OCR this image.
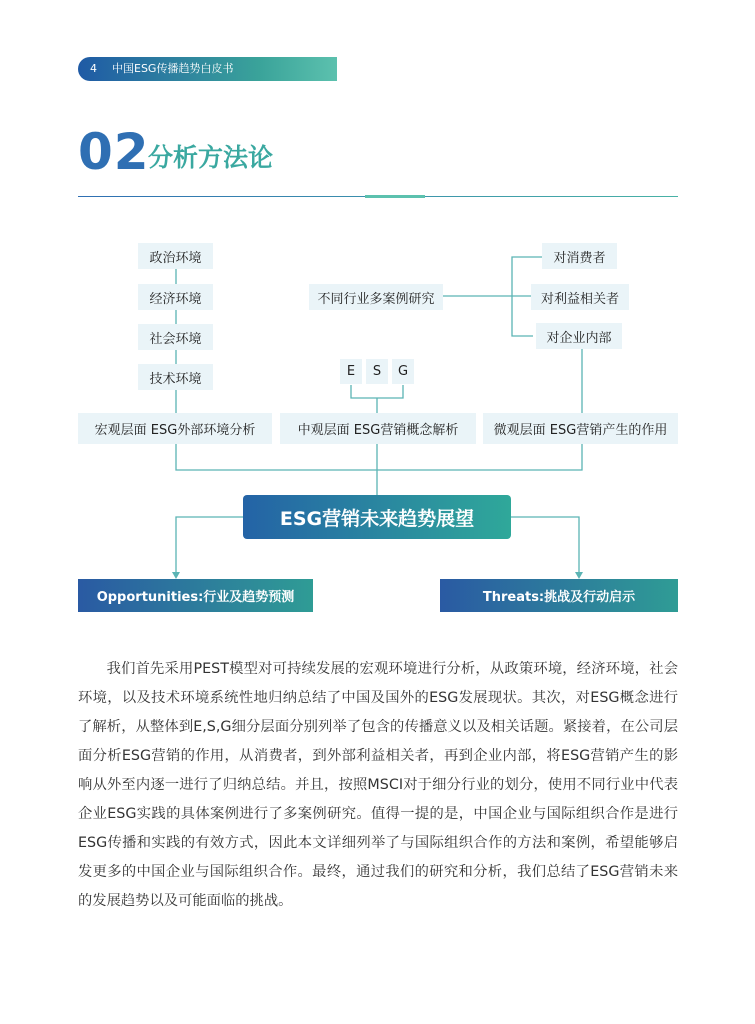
4 中国ESG传播趋势白皮书
02
分析方法论
政治环境
经济环境
社会环境
技术环境
不同行业多案例研究
对消费者
对利益相关者
对企业内部
E	S	G
宏观层面 ESG外部环境分析	中观层面 ESG营销概念解析	微观层面 ESG营销产生的作用
ESG营销未来趋势展望
Opportunities:行业及趋势预测	Threats:挑战及行动启示

我们首先采用PEST模型对可持续发展的宏观环境进行分析，从政策环境，经济环境，社会环境，以及技术环境系统性地归纳总结了中国及国外的ESG发展现状。其次，对ESG概念进行了解析，从整体到E,S,G细分层面分别列举了包含的传播意义以及相关话题。紧接着，在公司层面分析ESG营销的作用，从消费者，到外部利益相关者，再到企业内部，将ESG营销产生的影响从外至内逐一进行了归纳总结。并且，按照MSCI对于细分行业的划分，使用不同行业中代表企业ESG实践的具体案例进行了多案例研究。值得一提的是，中国企业与国际组织合作是进行ESG传播和实践的有效方式，因此本文详细列举了与国际组织合作的方法和案例，希望能够启发更多的中国企业与国际组织合作。最终，通过我们的研究和分析，我们总结了ESG营销未来的发展趋势以及可能面临的挑战。
